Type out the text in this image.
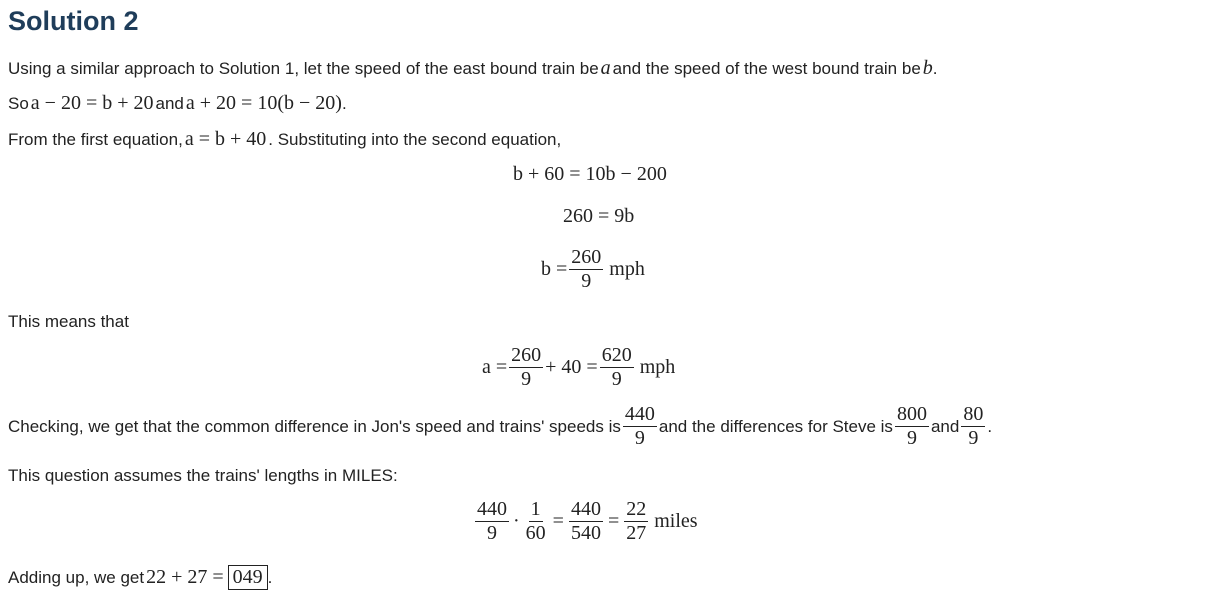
Solution 2
Using a similar approach to Solution 1, let the speed of the east bound train be a and the speed of the west bound train be b .
So a − 20 = b + 20 and a + 20 = 10(b − 20) .
From the first equation, a = b + 40 . Substituting into the second equation,
b + 60 = 10b − 200
260 = 9b
$b = \frac{260}{9}$ mph
This means that
$a = \frac{260}{9} + 40 = \frac{620}{9}$ mph
Checking, we get that the common difference in Jon's speed and trains' speeds is $\frac{440}{9}$ and the differences for Steve is $\frac{800}{9}$ and $\frac{80}{9}$ .
This question assumes the trains' lengths in MILES:
$\frac{440}{9} \cdot \frac{1}{60} = \frac{440}{540} = \frac{22}{27}$ miles
Adding up, we get 22 + 27 = 049 .
